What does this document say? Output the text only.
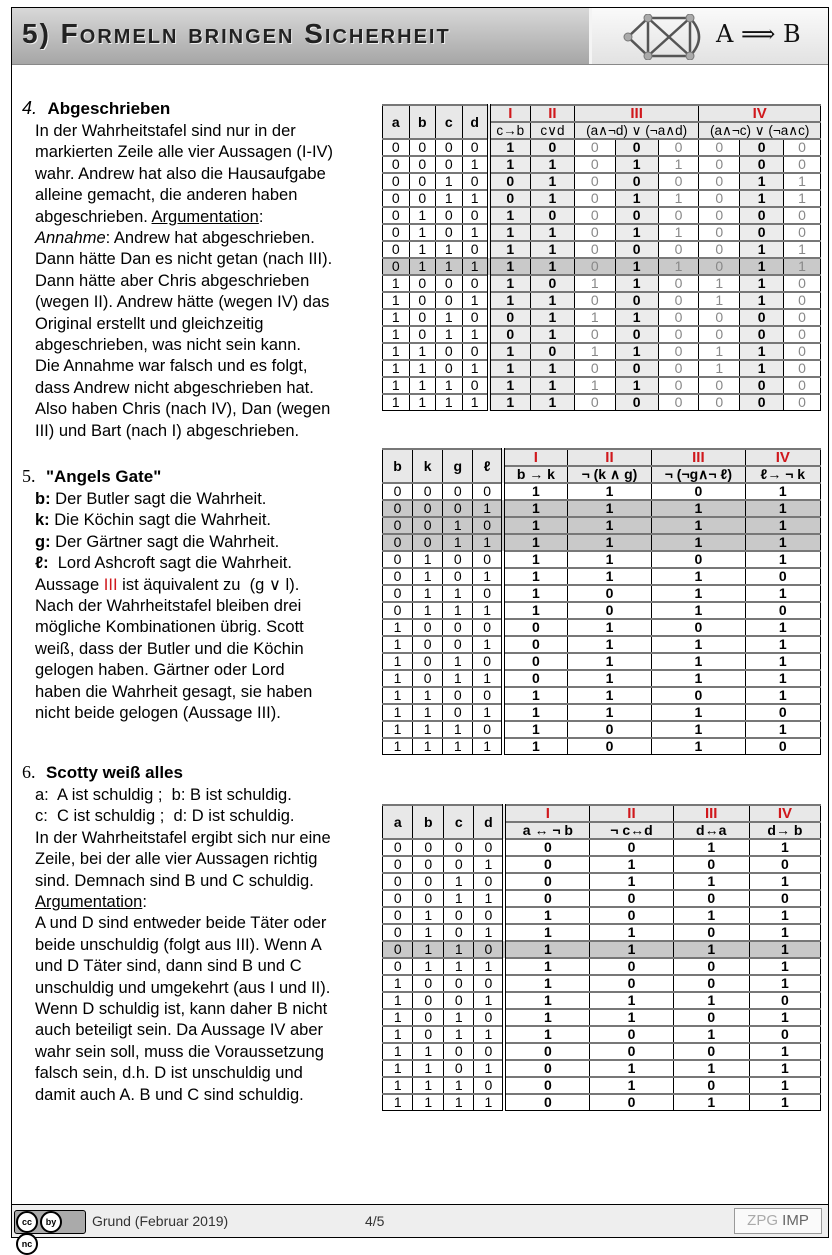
5) Formeln bringen Sicherheit	A ⟹ B
4. Abgeschrieben

In der Wahrheitstafel sind nur in der

markierten Zeile alle vier Aussagen (I-IV)

wahr. Andrew hat also die Hausaufgabe

alleine gemacht, die anderen haben

abgeschrieben. Argumentation:

Annahme: Andrew hat abgeschrieben.

Dann hätte Dan es nicht getan (nach III).

Dann hätte aber Chris abgeschrieben

(wegen II). Andrew hätte (wegen IV) das

Original erstellt und gleichzeitig

abgeschrieben, was nicht sein kann.

Die Annahme war falsch und es folgt,

dass Andrew nicht abgeschrieben hat.

Also haben Chris (nach IV), Dan (wegen

III) und Bart (nach I) abgeschrieben.

5. "Angels Gate"

b: Der Butler sagt die Wahrheit.

k: Die Köchin sagt die Wahrheit.

g: Der Gärtner sagt die Wahrheit.

ℓ:  Lord Ashcroft sagt die Wahrheit.

Aussage III ist äquivalent zu  (g ∨ l).

Nach der Wahrheitstafel bleiben drei

mögliche Kombinationen übrig. Scott

weiß, dass der Butler und die Köchin

gelogen haben. Gärtner oder Lord

haben die Wahrheit gesagt, sie haben

nicht beide gelogen (Aussage III).

6. Scotty weiß alles

a:  A ist schuldig ;  b: B ist schuldig.

c:  C ist schuldig ;  d: D ist schuldig.

In der Wahrheitstafel ergibt sich nur eine

Zeile, bei der alle vier Aussagen richtig

sind. Demnach sind B und C schuldig.

Argumentation:

A und D sind entweder beide Täter oder

beide unschuldig (folgt aus III). Wenn A

und D Täter sind, dann sind B und C

unschuldig und umgekehrt (aus I und II).

Wenn D schuldig ist, kann daher B nicht

auch beteiligt sein. Da Aussage IV aber

wahr sein soll, muss die Voraussetzung

falsch sein, d.h. D ist unschuldig und

damit auch A. B und C sind schuldig.

a	b	c	d	I	II	III			IV		
				c→b	c∨d	(a∧¬d) ∨ (¬a∧d)			(a∧¬c) ∨ (¬a∧c)		
0	0	0	0	1	0	0	0	0	0	0	0
0	0	0	1	1	1	0	1	1	0	0	0
0	0	1	0	0	1	0	0	0	0	1	1
0	0	1	1	0	1	0	1	1	0	1	1
0	1	0	0	1	0	0	0	0	0	0	0
0	1	0	1	1	1	0	1	1	0	0	0
0	1	1	0	1	1	0	0	0	0	1	1
0	1	1	1	1	1	0	1	1	0	1	1
1	0	0	0	1	0	1	1	0	1	1	0
1	0	0	1	1	1	0	0	0	1	1	0
1	0	1	0	0	1	1	1	0	0	0	0
1	0	1	1	0	1	0	0	0	0	0	0
1	1	0	0	1	0	1	1	0	1	1	0
1	1	0	1	1	1	0	0	0	1	1	0
1	1	1	0	1	1	1	1	0	0	0	0
1	1	1	1	1	1	0	0	0	0	0	0
b	k	g	ℓ	I	II	III	IV
				b → k	¬ (k ∧ g)	¬ (¬g∧¬ ℓ)	ℓ→ ¬ k
0	0	0	0	1	1	0	1
0	0	0	1	1	1	1	1
0	0	1	0	1	1	1	1
0	0	1	1	1	1	1	1
0	1	0	0	1	1	0	1
0	1	0	1	1	1	1	0
0	1	1	0	1	0	1	1
0	1	1	1	1	0	1	0
1	0	0	0	0	1	0	1
1	0	0	1	0	1	1	1
1	0	1	0	0	1	1	1
1	0	1	1	0	1	1	1
1	1	0	0	1	1	0	1
1	1	0	1	1	1	1	0
1	1	1	0	1	0	1	1
1	1	1	1	1	0	1	0
a	b	c	d	I	II	III	IV
				a ↔ ¬ b	¬ c↔d	d↔a	d→ b
0	0	0	0	0	0	1	1
0	0	0	1	0	1	0	0
0	0	1	0	0	1	1	1
0	0	1	1	0	0	0	0
0	1	0	0	1	0	1	1
0	1	0	1	1	1	0	1
0	1	1	0	1	1	1	1
0	1	1	1	1	0	0	1
1	0	0	0	1	0	0	1
1	0	0	1	1	1	1	0
1	0	1	0	1	1	0	1
1	0	1	1	1	0	1	0
1	1	0	0	0	0	0	1
1	1	0	1	0	1	1	1
1	1	1	0	0	1	0	1
1	1	1	1	0	0	1	1
cc bync
Grund (Februar 2019)	4/5	ZPG IMP
